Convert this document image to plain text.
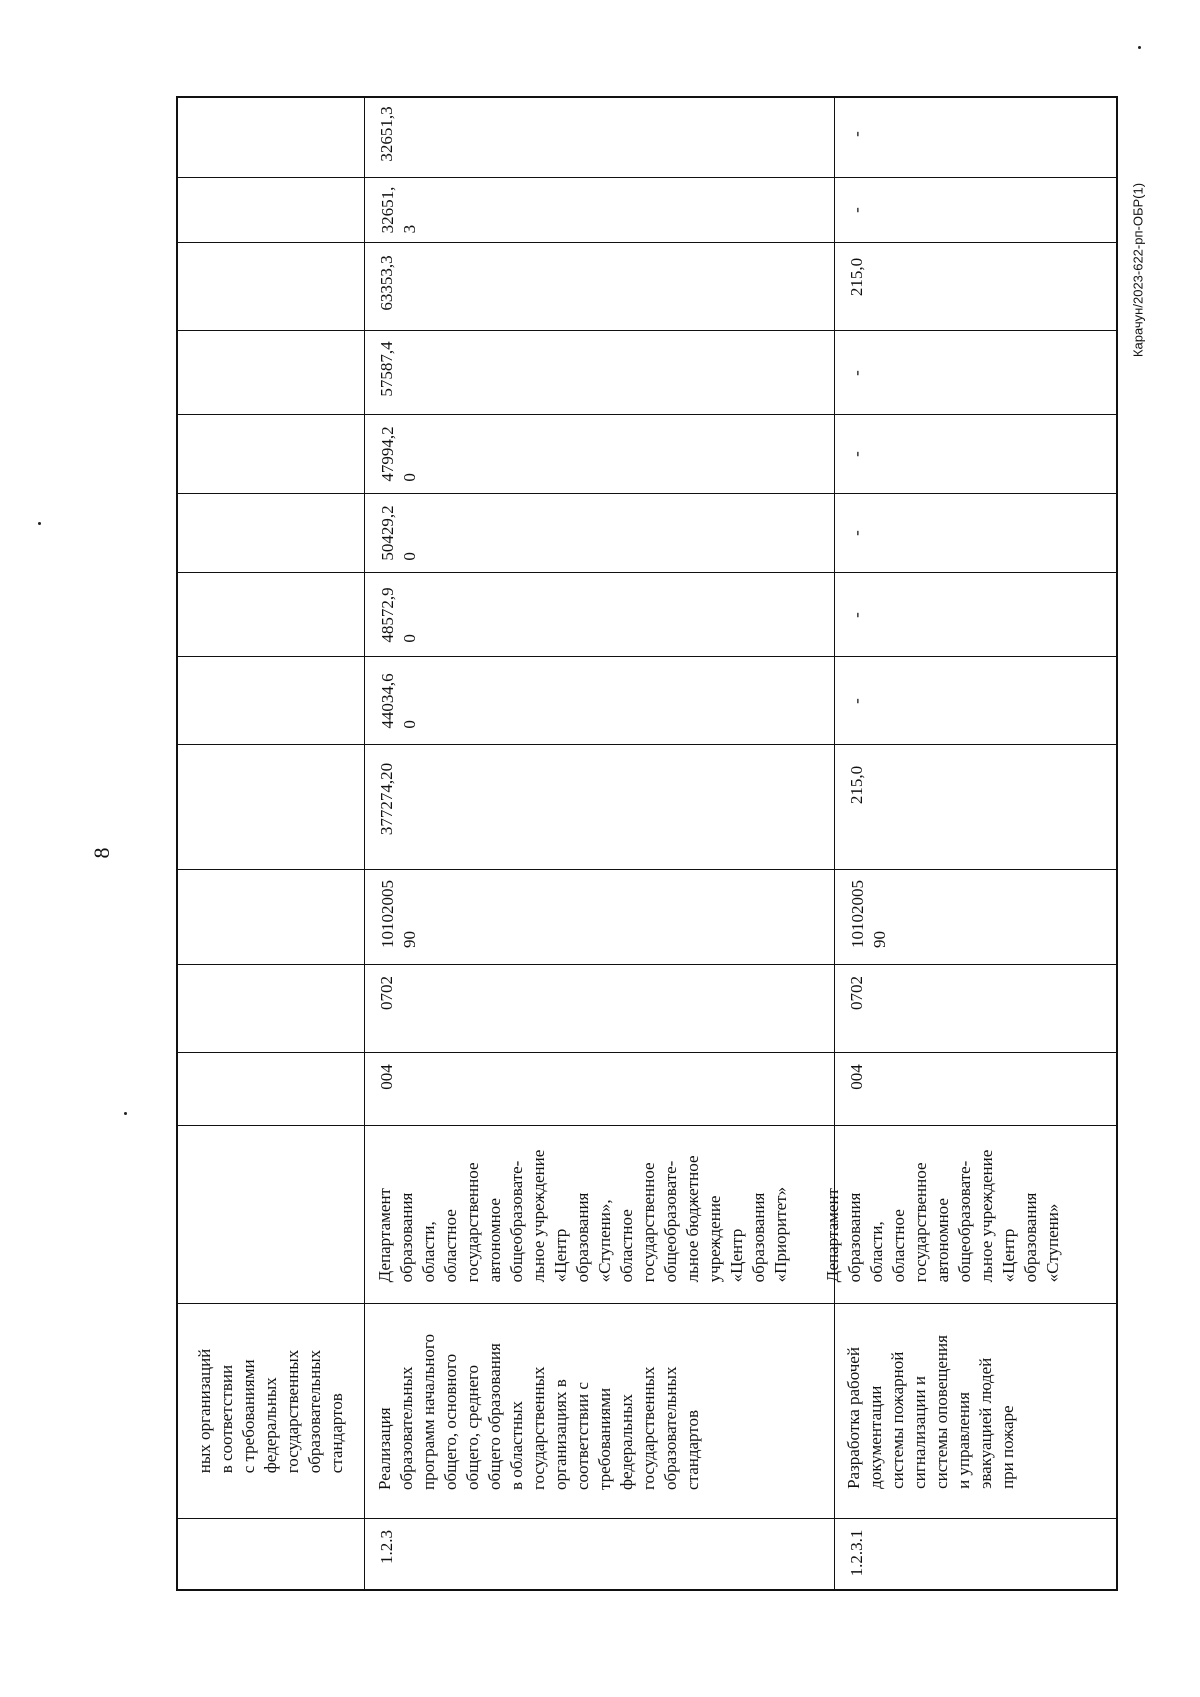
8
Карачун/2023-622-рп-ОБР(1)
ных организаций
в соответствии
с требованиями
федеральных
государственных
образовательных
стандартов
32651,3
32651,
3
63353,3
57587,4
47994,2
0
50429,2
0
48572,9
0
44034,6
0
377274,20
10102005
90
0702
004
Департамент
образования
области,
областное
государственное
автономное
общеобразовате-
льное учреждение
«Центр
образования
«Ступени»,
областное
государственное
общеобразовате-
льное бюджетное
учреждение
«Центр
образования
«Приоритет»
Реализация
образовательных
программ начального
общего, основного
общего, среднего
общего образования
в областных
государственных
организациях в
соответствии с
требованиями
федеральных
государственных
образовательных
стандартов
1.2.3
-
-
215,0
-
-
-
-
-
215,0
10102005
90
0702
004
Департамент
образования
области,
областное
государственное
автономное
общеобразовате-
льное учреждение
«Центр
образования
«Ступени»
Разработка рабочей
документации
системы пожарной
сигнализации и
системы оповещения
и управления
эвакуацией людей
при пожаре
1.2.3.1
